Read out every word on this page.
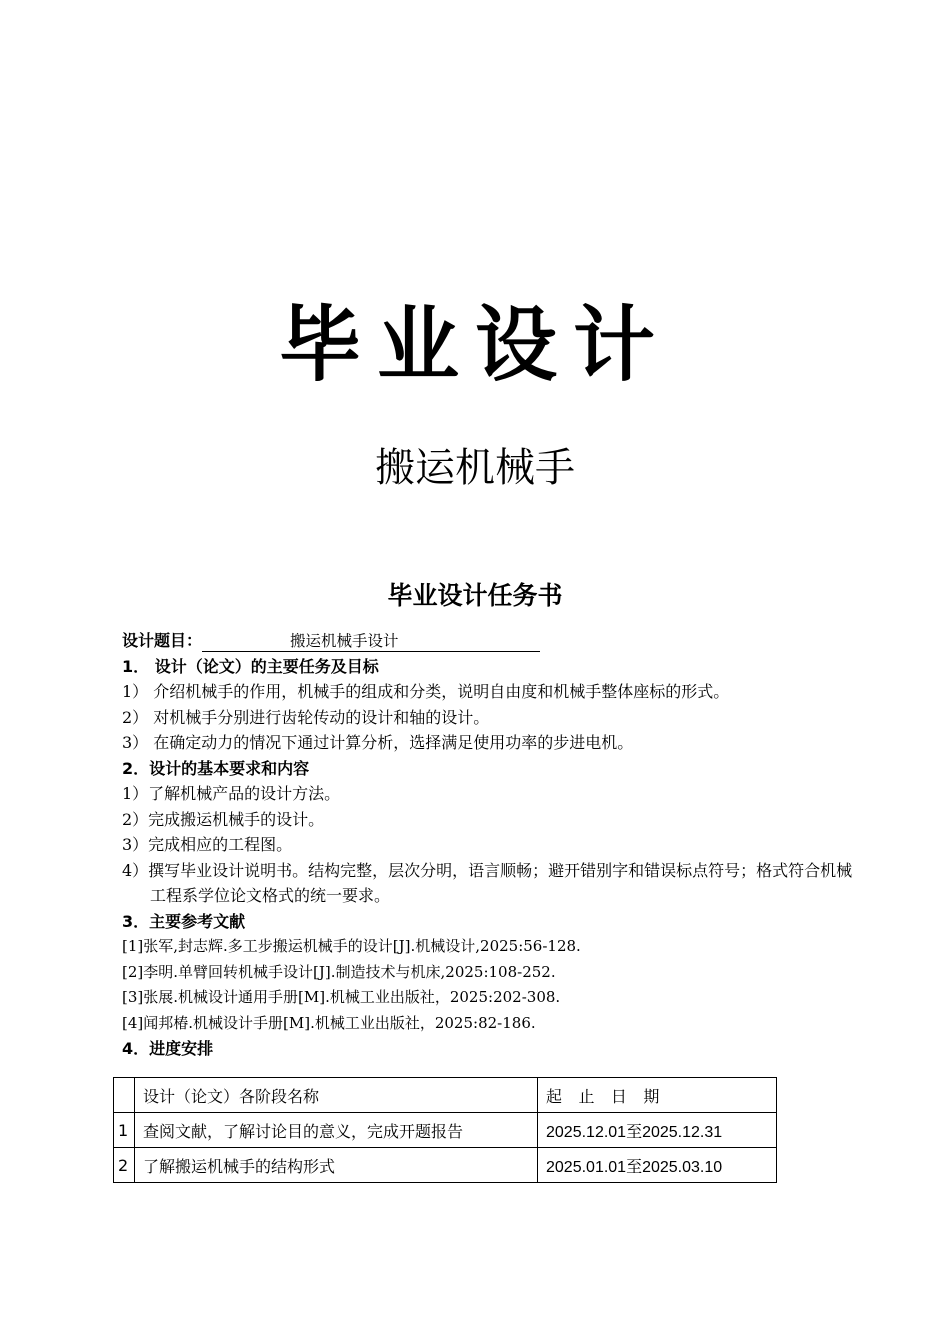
毕业设计
搬运机械手
毕业设计任务书
设计题目：	搬运机械手设计
1． 设计（论文）的主要任务及目标
1） 介绍机械手的作用，机械手的组成和分类，说明自由度和机械手整体座标的形式。
2） 对机械手分别进行齿轮传动的设计和轴的设计。
3） 在确定动力的情况下通过计算分析，选择满足使用功率的步进电机。
2．设计的基本要求和内容
1）了解机械产品的设计方法。
2）完成搬运机械手的设计。
3）完成相应的工程图。
4）撰写毕业设计说明书。结构完整，层次分明，语言顺畅；避开错别字和错误标点符号；格式符合机械工程系学位论文格式的统一要求。
3．主要参考文献
[1]张军,封志辉.多工步搬运机械手的设计[J].机械设计,2025:56-128.
[2]李明.单臂回转机械手设计[J].制造技术与机床,2025:108-252.
[3]张展.机械设计通用手册[M].机械工业出版社，2025:202-308.
[4]闻邦椿.机械设计手册[M].机械工业出版社，2025:82-186.
4．进度安排
	设计（论文）各阶段名称	起 止 日 期
1	查阅文献，了解讨论目的意义，完成开题报告	2025.12.01至2025.12.31
2	了解搬运机械手的结构形式	2025.01.01至2025.03.10
